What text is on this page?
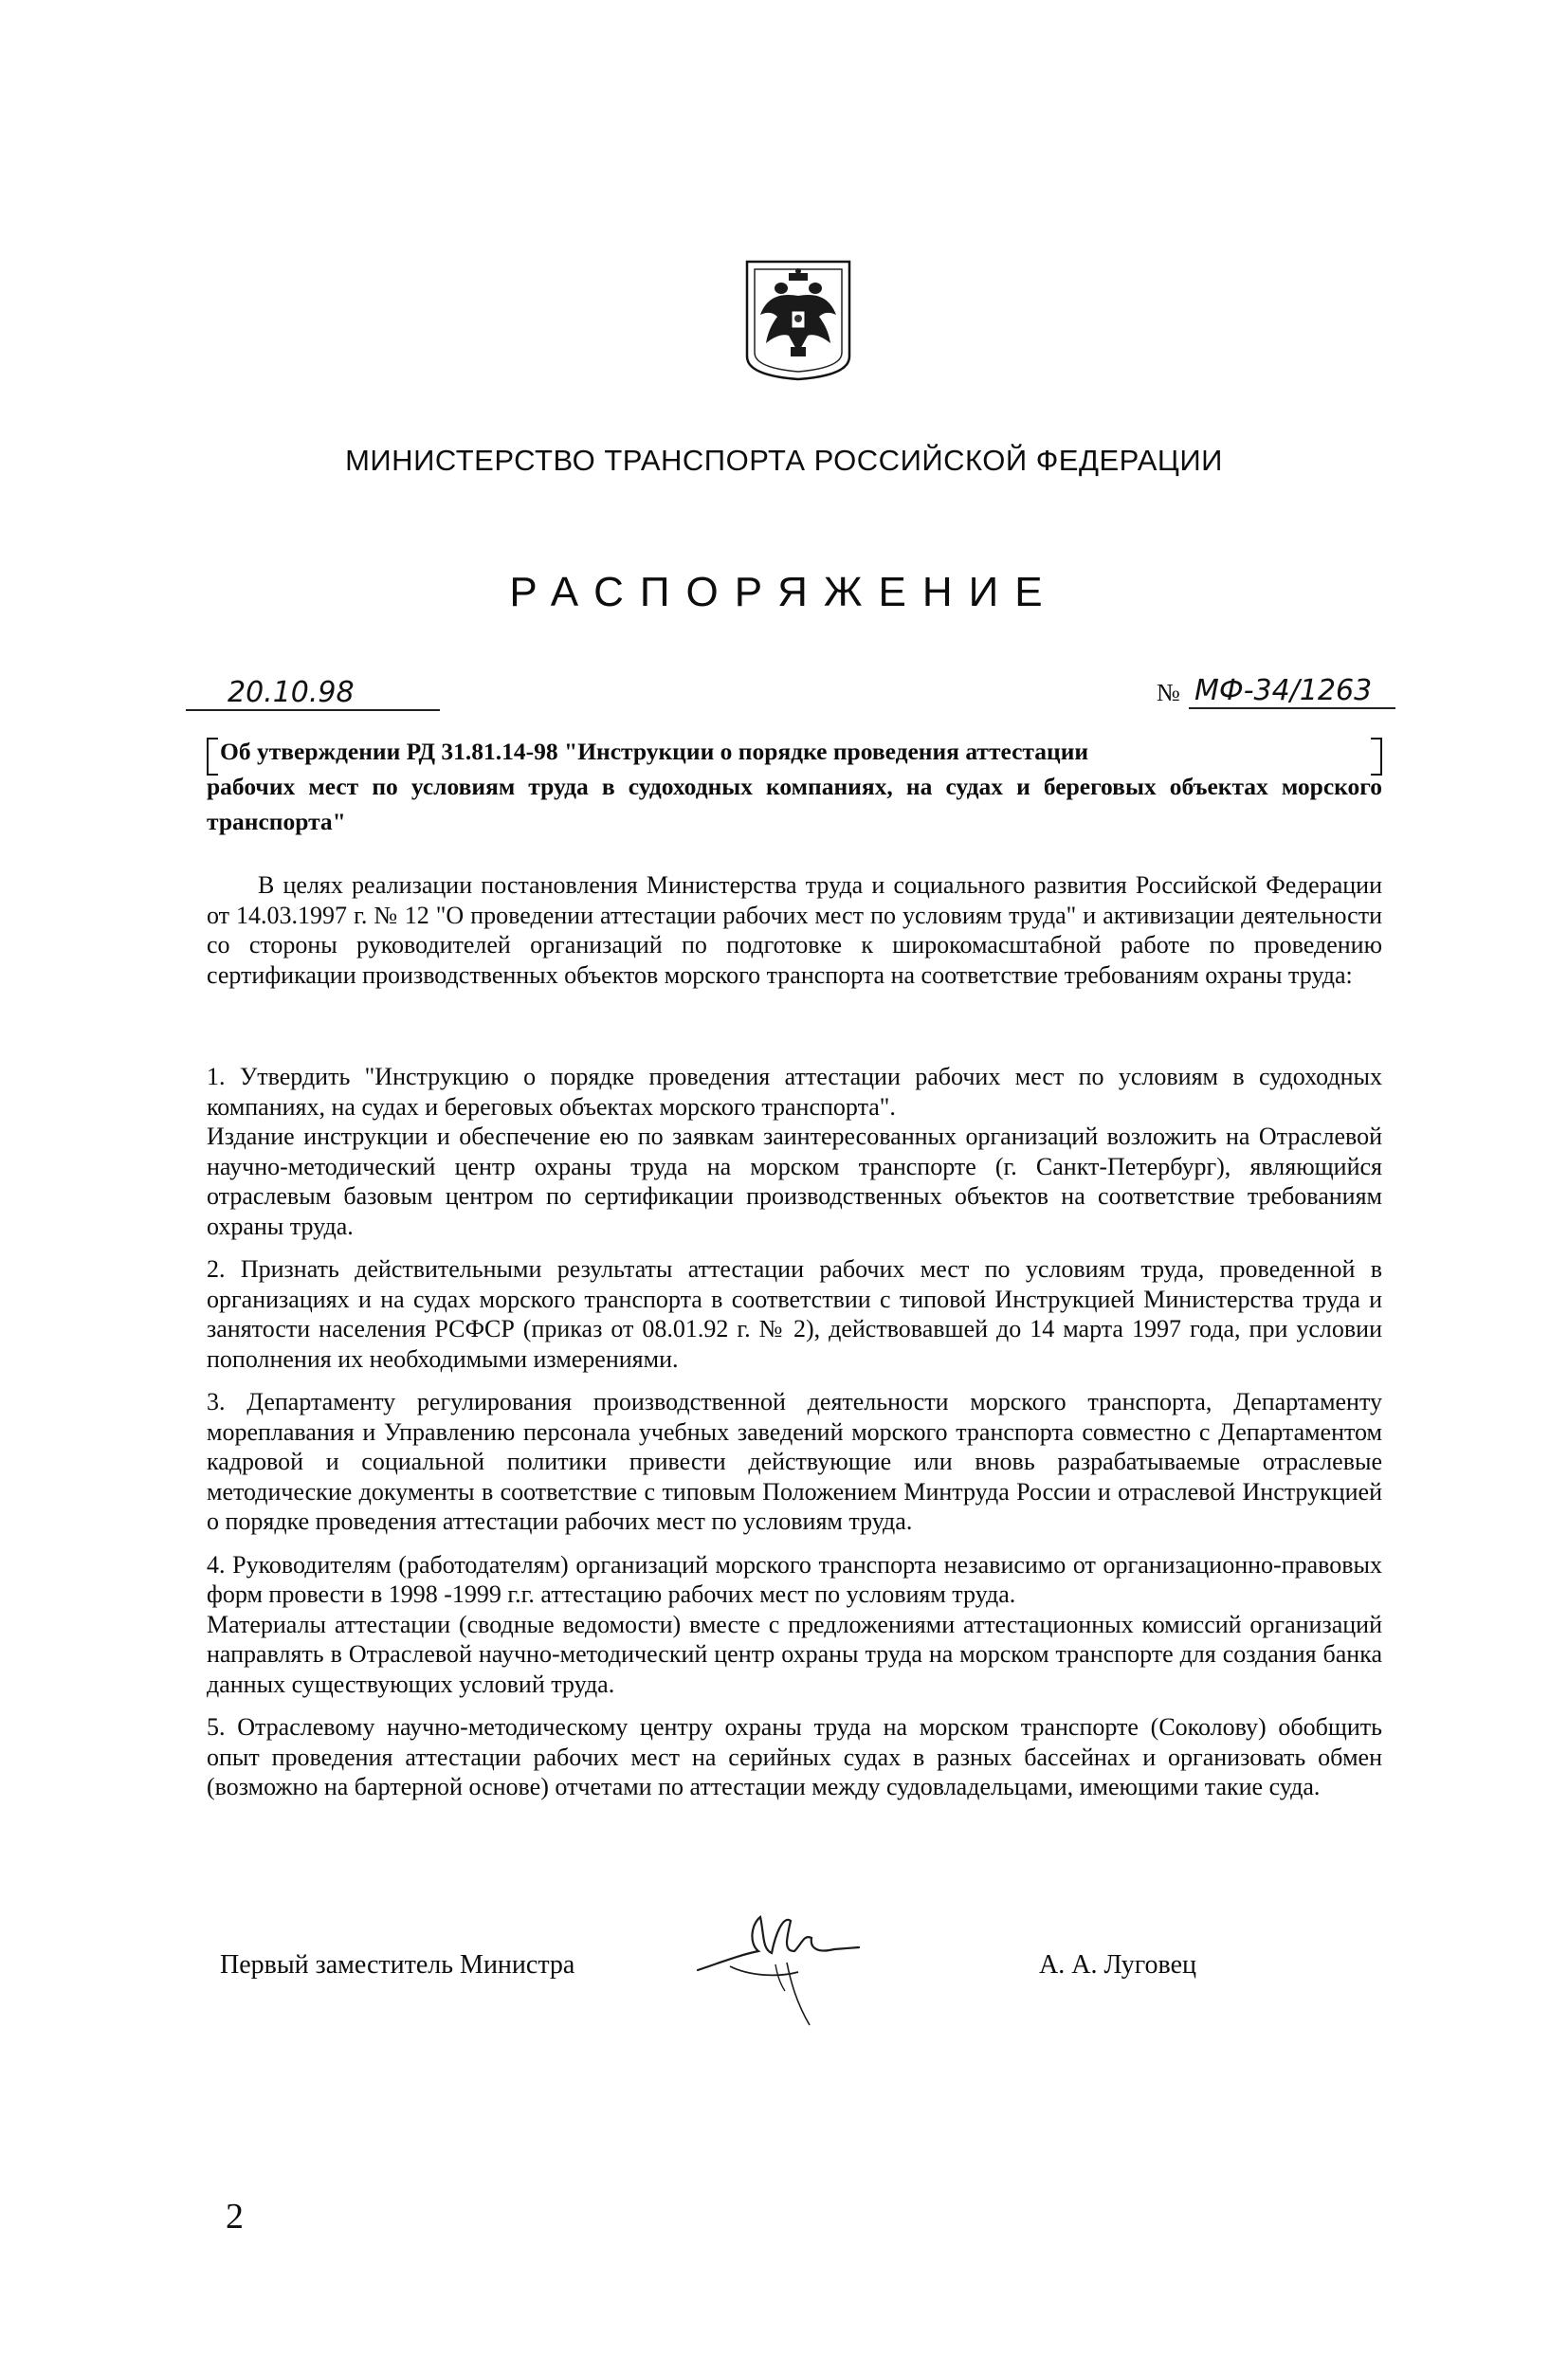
МИНИСТЕРСТВО ТРАНСПОРТА РОССИЙСКОЙ ФЕДЕРАЦИИ
РАСПОРЯЖЕНИЕ
20.10.98	№ МФ-34/1263
Об утверждении РД 31.81.14-98 "Инструкции о порядке проведения аттестации
рабочих мест по условиям труда в судоходных компаниях, на судах и береговых объектах морского транспорта"
В целях реализации постановления Министерства труда и социального развития Российской Федерации от 14.03.1997 г. № 12 "О проведении аттестации рабочих мест по условиям труда" и активизации деятельности со стороны руководителей организаций по подготовке к широкомасштабной работе по проведению сертификации производственных объектов морского транспорта на соответствие требованиям охраны труда:
1. Утвердить "Инструкцию о порядке проведения аттестации рабочих мест по условиям в судоходных компаниях, на судах и береговых объектах морского транспорта".
Издание инструкции и обеспечение ею по заявкам заинтересованных организаций возложить на Отраслевой научно-методический центр охраны труда на морском транспорте (г. Санкт-Петербург), являющийся отраслевым базовым центром по сертификации производственных объектов на соответствие требованиям охраны труда.
2. Признать действительными результаты аттестации рабочих мест по условиям труда, проведенной в организациях и на судах морского транспорта в соответствии с типовой Инструкцией Министерства труда и занятости населения РСФСР (приказ от 08.01.92 г. № 2), действовавшей до 14 марта 1997 года, при условии пополнения их необходимыми измерениями.
3. Департаменту регулирования производственной деятельности морского транспорта, Департаменту мореплавания и Управлению персонала учебных заведений морского транспорта совместно с Департаментом кадровой и социальной политики привести действующие или вновь разрабатываемые отраслевые методические документы в соответствие с типовым Положением Минтруда России и отраслевой Инструкцией о порядке проведения аттестации рабочих мест по условиям труда.
4. Руководителям (работодателям) организаций морского транспорта независимо от организационно-правовых форм провести в 1998 -1999 г.г. аттестацию рабочих мест по условиям труда.
Материалы аттестации (сводные ведомости) вместе с предложениями аттестационных комиссий организаций направлять в Отраслевой научно-методический центр охраны труда на морском транспорте для создания банка данных существующих условий труда.
5. Отраслевому научно-методическому центру охраны труда на морском транспорте (Соколову) обобщить опыт проведения аттестации рабочих мест на серийных судах в разных бассейнах и организовать обмен (возможно на бартерной основе) отчетами по аттестации между судовладельцами, имеющими такие суда.
Первый заместитель Министра	А. А. Луговец
2
